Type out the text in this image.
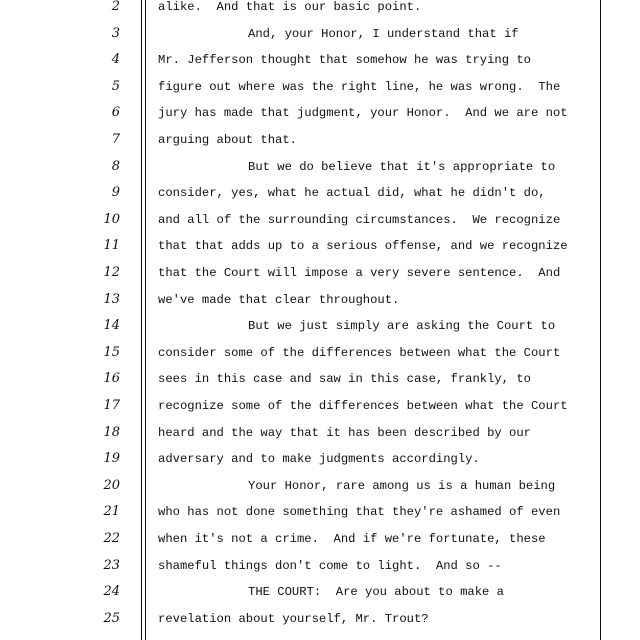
2	alike.  And that is our basic point.
3	And, your Honor, I understand that if
4	Mr. Jefferson thought that somehow he was trying to
5	figure out where was the right line, he was wrong.  The
6	jury has made that judgment, your Honor.  And we are not
7	arguing about that.
8	But we do believe that it's appropriate to
9	consider, yes, what he actual did, what he didn't do,
10	and all of the surrounding circumstances.  We recognize
11	that that adds up to a serious offense, and we recognize
12	that the Court will impose a very severe sentence.  And
13	we've made that clear throughout.
14	But we just simply are asking the Court to
15	consider some of the differences between what the Court
16	sees in this case and saw in this case, frankly, to
17	recognize some of the differences between what the Court
18	heard and the way that it has been described by our
19	adversary and to make judgments accordingly.
20	Your Honor, rare among us is a human being
21	who has not done something that they're ashamed of even
22	when it's not a crime.  And if we're fortunate, these
23	shameful things don't come to light.  And so --
24	THE COURT:  Are you about to make a
25	revelation about yourself, Mr. Trout?
